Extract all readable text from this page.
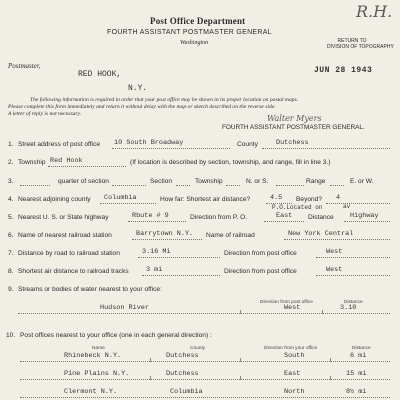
Post Office Department
FOURTH ASSISTANT POSTMASTER GENERAL
Washington	RETURN TO
DIVISION OF TOPOGRAPHY
R.H.
Postmaster,
RED HOOK,
N.Y.
JUN 28 1943
The following information is required in order that your post office may be shown in its proper location on postal maps.
Please complete this form immediately and return it without delay with the map or sketch described on the reverse side.
A letter of reply is not necessary.
Walter Myers
FOURTH ASSISTANT POSTMASTER GENERAL.
1. Street address of post office 10 South Broadway	County	Dutchess
2. Township Red Hook	(If location is described by section, township, and range, fill in line 3.)
3.	quarter of section	Section	Township	N. or S.	Range	E. or W.
4. Nearest adjoining county Columbia	How far: Shortest air distance?	4.5 Beyond? 4
P.O.Located on	av
5. Nearest U. S. or State highway	Rbute # 9	Direction from P. O.	East Distance Highway
6. Name of nearest railroad station	Barrytown N.Y. Name of railroad	New York Central
7. Distance by road to railroad station	3.16 Mi	Direction from post office	West
8. Shortest air distance to railroad tracks	3 mi	Direction from post office	West
9. Streams or bodies of water nearest to your office:
Direction from post office	Distance
Hudson River	West	3.10
10. Post offices nearest to your office (one in each general direction) :
Name	County	Direction from your office	Distance
Rhinebeck N.Y.	Dutchess	South	6 mi
Pine Plains N.Y.	Dutchess	East	15 mi
Clermont N.Y.	Columbia	North	8½ mi
